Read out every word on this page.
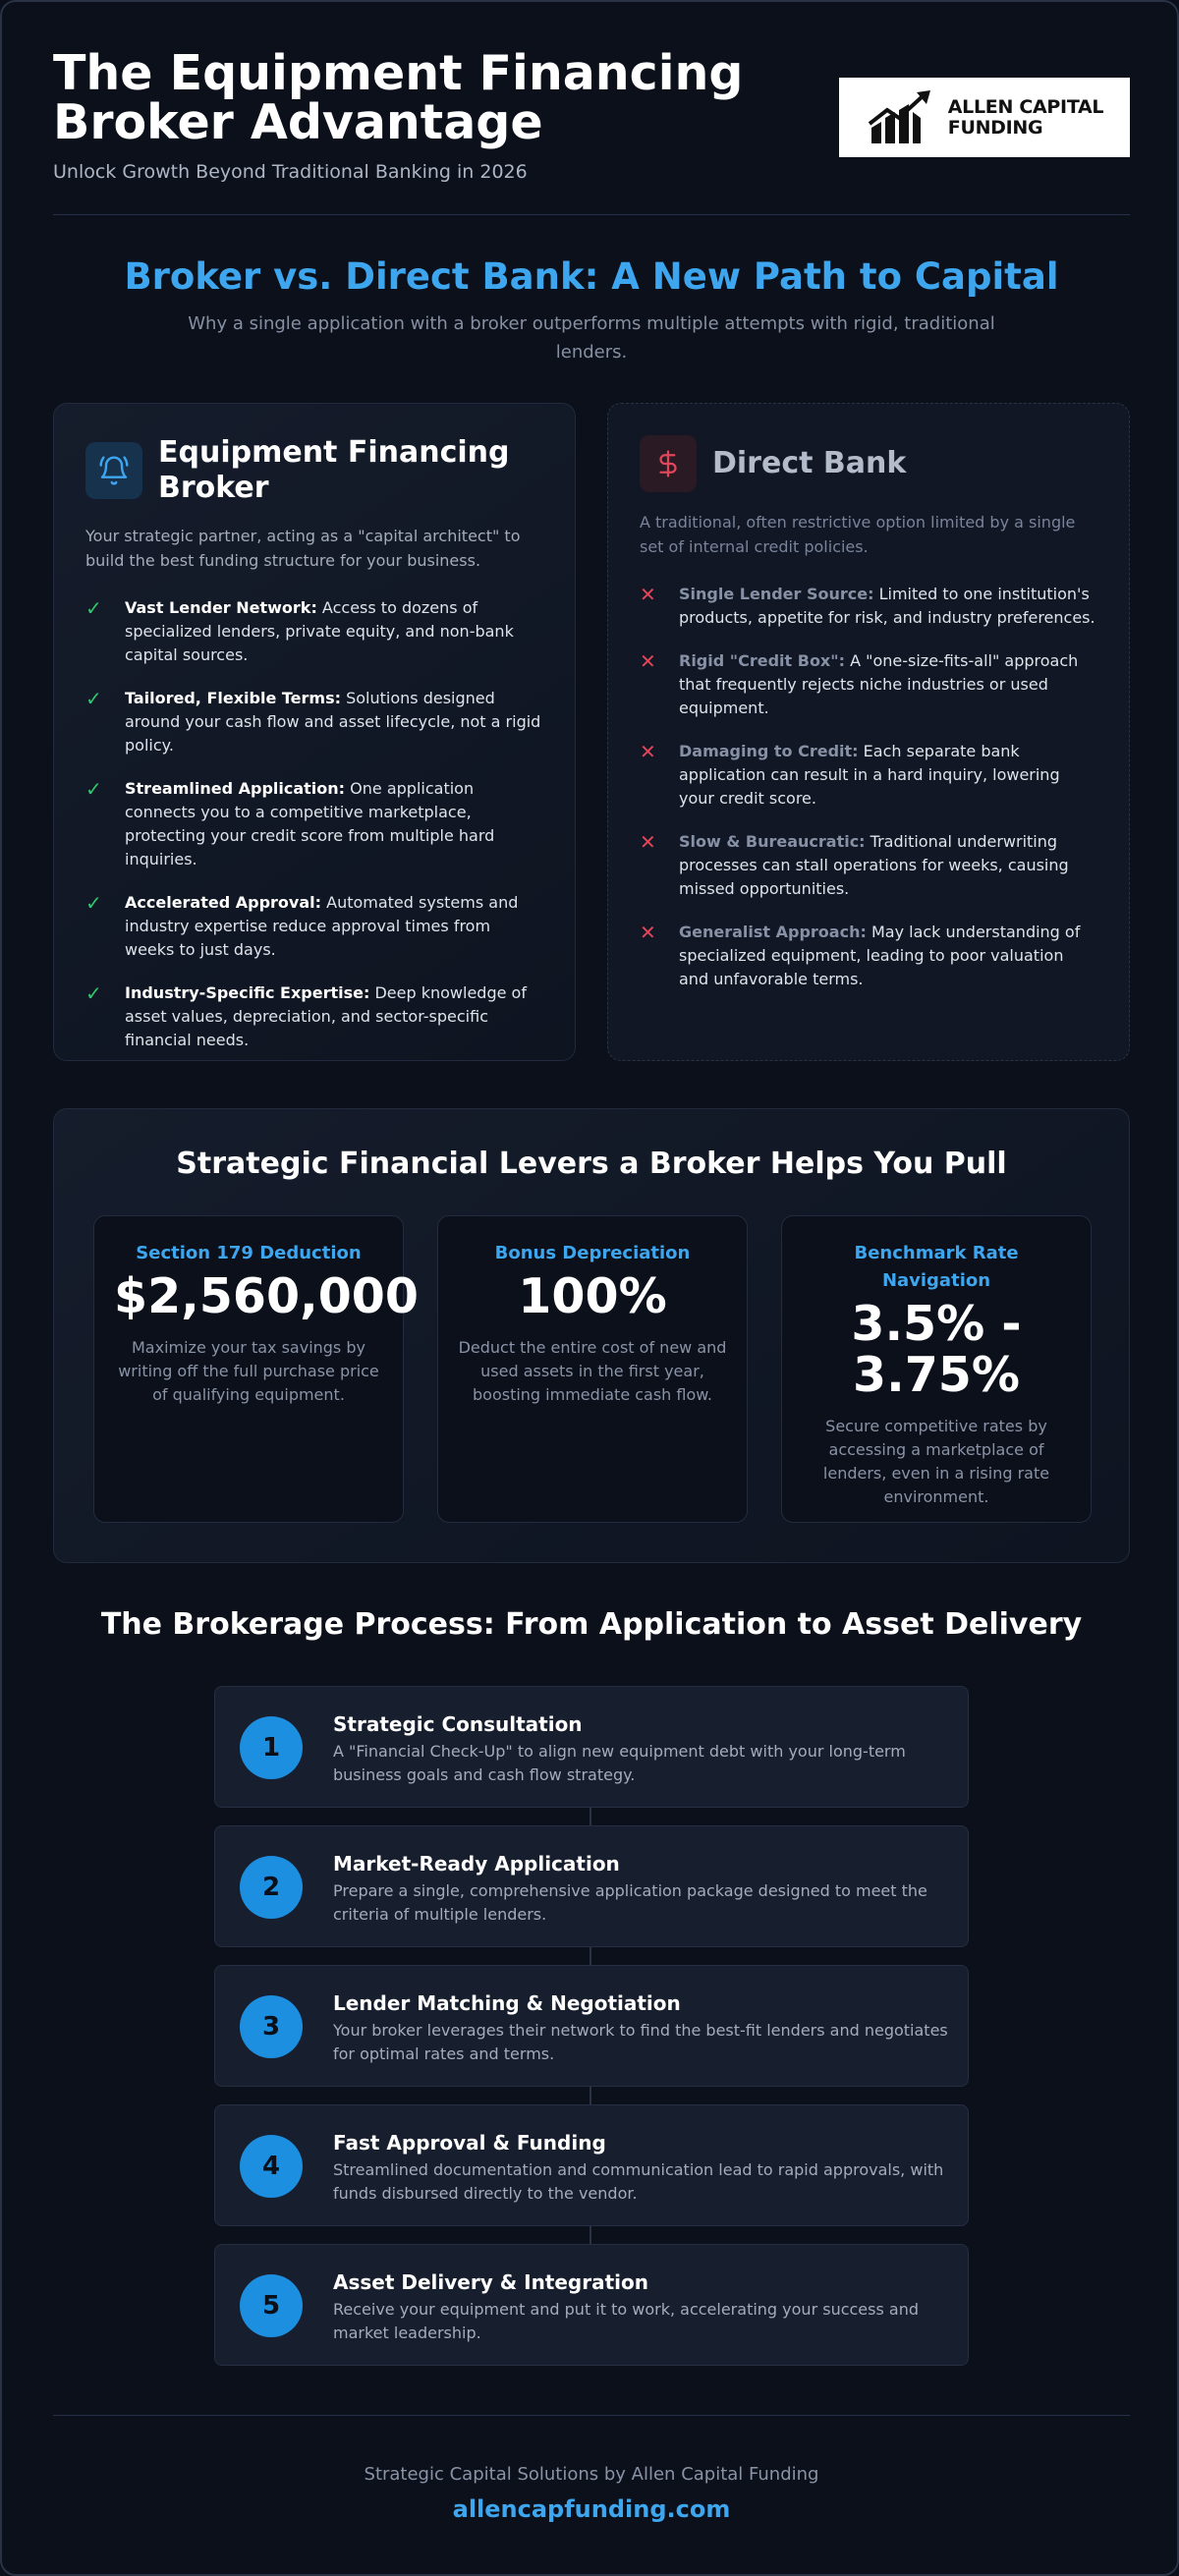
The Equipment Financing Broker Advantage
Unlock Growth Beyond Traditional Banking in 2026
ALLEN CAPITAL
FUNDING
Broker vs. Direct Bank: A New Path to Capital
Why a single application with a broker outperforms multiple attempts with rigid, traditional lenders.
Equipment Financing Broker
Your strategic partner, acting as a "capital architect" to build the best funding structure for your business.
✓	Vast Lender Network: Access to dozens of specialized lenders, private equity, and non-bank capital sources.
✓	Tailored, Flexible Terms: Solutions designed around your cash flow and asset lifecycle, not a rigid policy.
✓	Streamlined Application: One application connects you to a competitive marketplace, protecting your credit score from multiple hard inquiries.
✓	Accelerated Approval: Automated systems and industry expertise reduce approval times from weeks to just days.
✓	Industry-Specific Expertise: Deep knowledge of asset values, depreciation, and sector-specific financial needs.
Direct Bank
A traditional, often restrictive option limited by a single set of internal credit policies.
✕	Single Lender Source: Limited to one institution's products, appetite for risk, and industry preferences.
✕	Rigid "Credit Box": A "one-size-fits-all" approach that frequently rejects niche industries or used equipment.
✕	Damaging to Credit: Each separate bank application can result in a hard inquiry, lowering your credit score.
✕	Slow & Bureaucratic: Traditional underwriting processes can stall operations for weeks, causing missed opportunities.
✕	Generalist Approach: May lack understanding of specialized equipment, leading to poor valuation and unfavorable terms.
Strategic Financial Levers a Broker Helps You Pull
Section 179 Deduction
$2,560,000
Maximize your tax savings by writing off the full purchase price of qualifying equipment.
Bonus Depreciation
100%
Deduct the entire cost of new and used assets in the first year, boosting immediate cash flow.
Benchmark Rate Navigation
3.5% - 3.75%
Secure competitive rates by accessing a marketplace of lenders, even in a rising rate environment.
The Brokerage Process: From Application to Asset Delivery
1
Strategic Consultation
A "Financial Check-Up" to align new equipment debt with your long-term business goals and cash flow strategy.
2
Market-Ready Application
Prepare a single, comprehensive application package designed to meet the criteria of multiple lenders.
3
Lender Matching & Negotiation
Your broker leverages their network to find the best-fit lenders and negotiates for optimal rates and terms.
4
Fast Approval & Funding
Streamlined documentation and communication lead to rapid approvals, with funds disbursed directly to the vendor.
5
Asset Delivery & Integration
Receive your equipment and put it to work, accelerating your success and market leadership.
Strategic Capital Solutions by Allen Capital Funding
allencapfunding.com
